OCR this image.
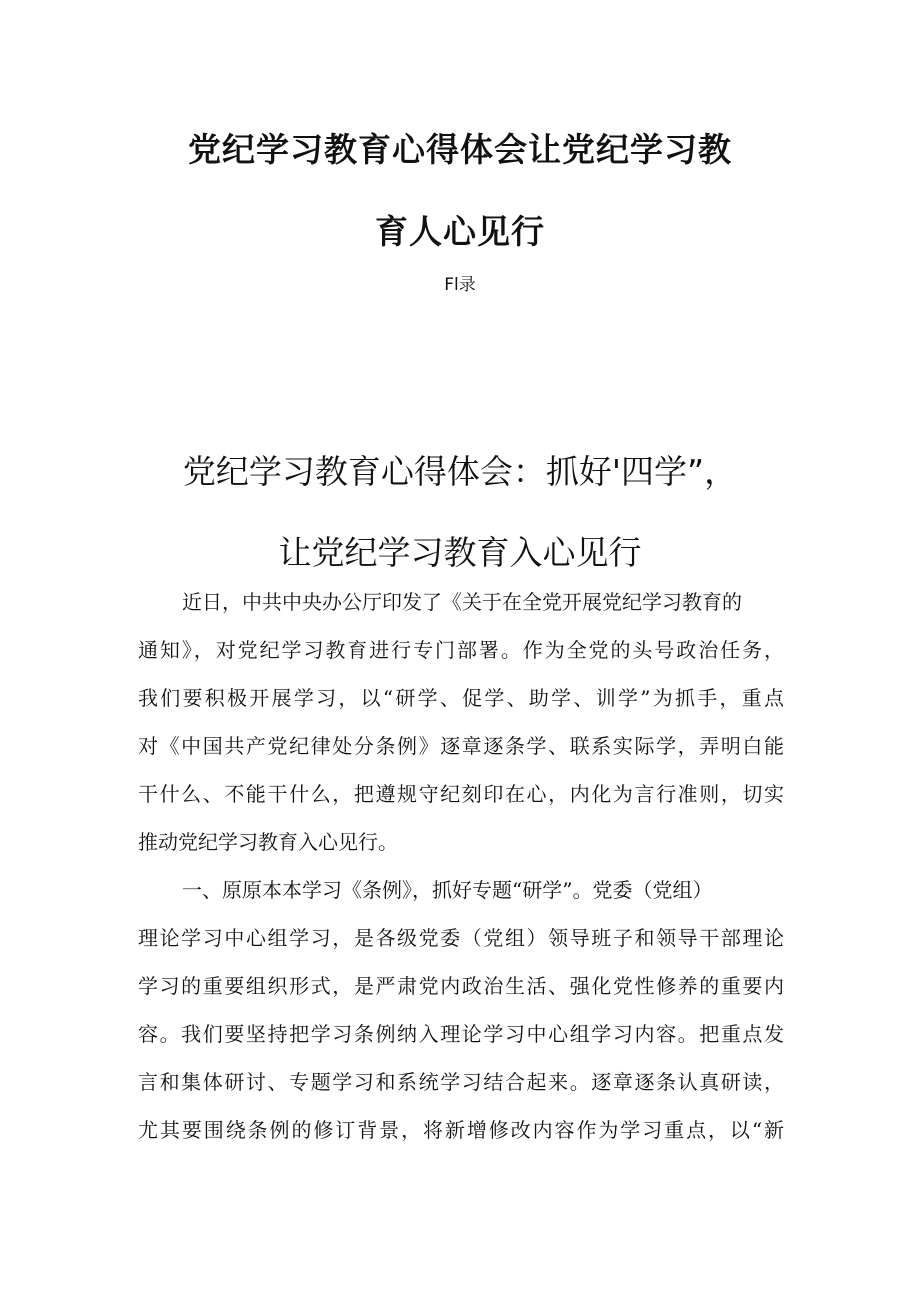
党纪学习教育心得体会让党纪学习教
育人心见行
Fl录
党纪学习教育心得体会：抓好'四学”，
让党纪学习教育入心见行
近日，中共中央办公厅印发了《关于在全党开展党纪学习教育的
通知》，对党纪学习教育进行专门部署。作为全党的头号政治任务，
我们要积极开展学习，以“研学、促学、助学、训学”为抓手，重点
对《中国共产党纪律处分条例》逐章逐条学、联系实际学，弄明白能
干什么、不能干什么，把遵规守纪刻印在心，内化为言行准则，切实
推动党纪学习教育入心见行。
一、原原本本学习《条例》，抓好专题“研学”。党委（党组）
理论学习中心组学习，是各级党委（党组）领导班子和领导干部理论
学习的重要组织形式，是严肃党内政治生活、强化党性修养的重要内
容。我们要坚持把学习条例纳入理论学习中心组学习内容。把重点发
言和集体研讨、专题学习和系统学习结合起来。逐章逐条认真研读，
尤其要围绕条例的修订背景，将新增修改内容作为学习重点，以“新
